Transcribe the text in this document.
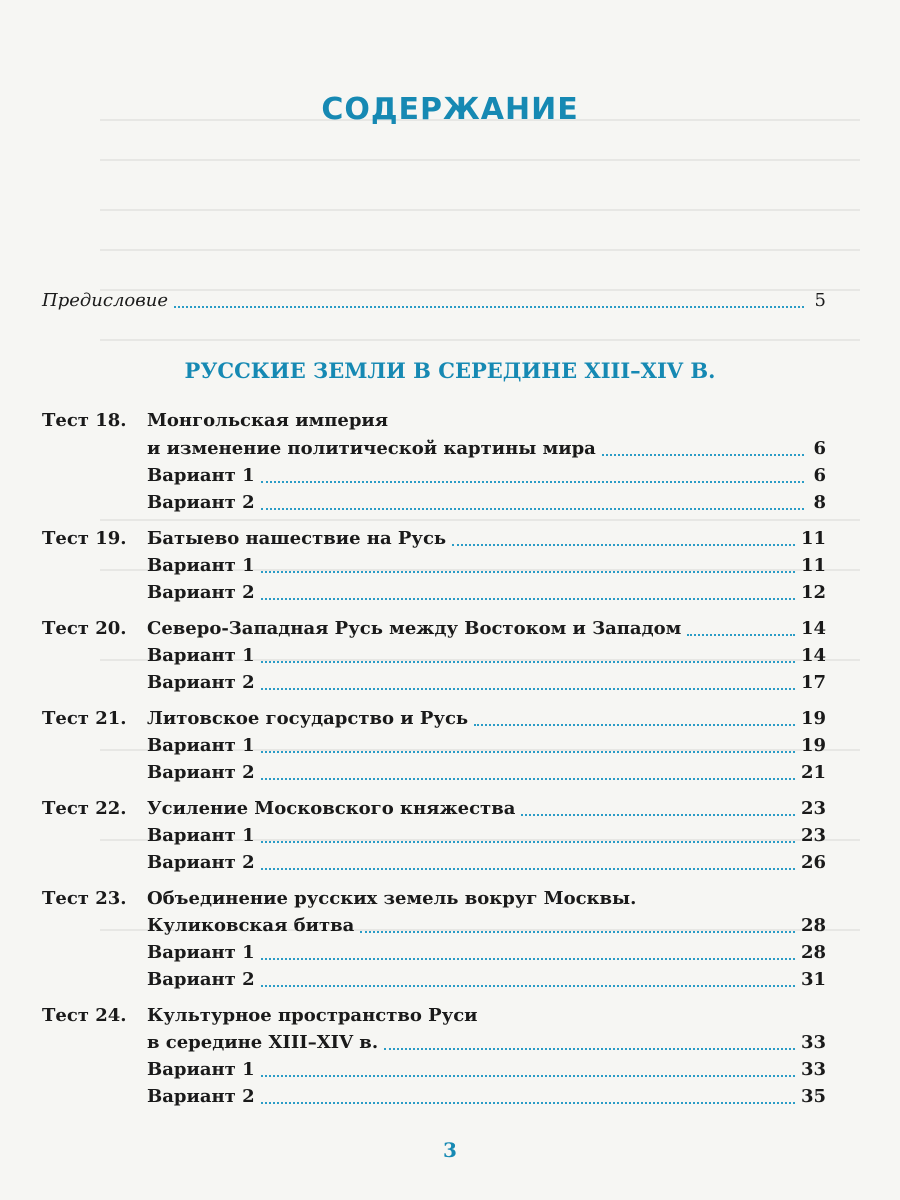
СОДЕРЖАНИЕ
Предисловие	5
РУССКИЕ ЗЕМЛИ В СЕРЕДИНЕ XIII–XIV В.
Тест 18. Монгольская империя
и изменение политической картины мира	6
Вариант 1	6
Вариант 2	8
Тест 19. Батыево нашествие на Русь	11
Вариант 1	11
Вариант 2	12
Тест 20. Северо-Западная Русь между Востоком и Западом	14
Вариант 1	14
Вариант 2	17
Тест 21. Литовское государство и Русь	19
Вариант 1	19
Вариант 2	21
Тест 22. Усиление Московского княжества	23
Вариант 1	23
Вариант 2	26
Тест 23. Объединение русских земель вокруг Москвы.
Куликовская битва	28
Вариант 1	28
Вариант 2	31
Тест 24. Культурное пространство Руси
в середине XIII–XIV в.	33
Вариант 1	33
Вариант 2	35
3
